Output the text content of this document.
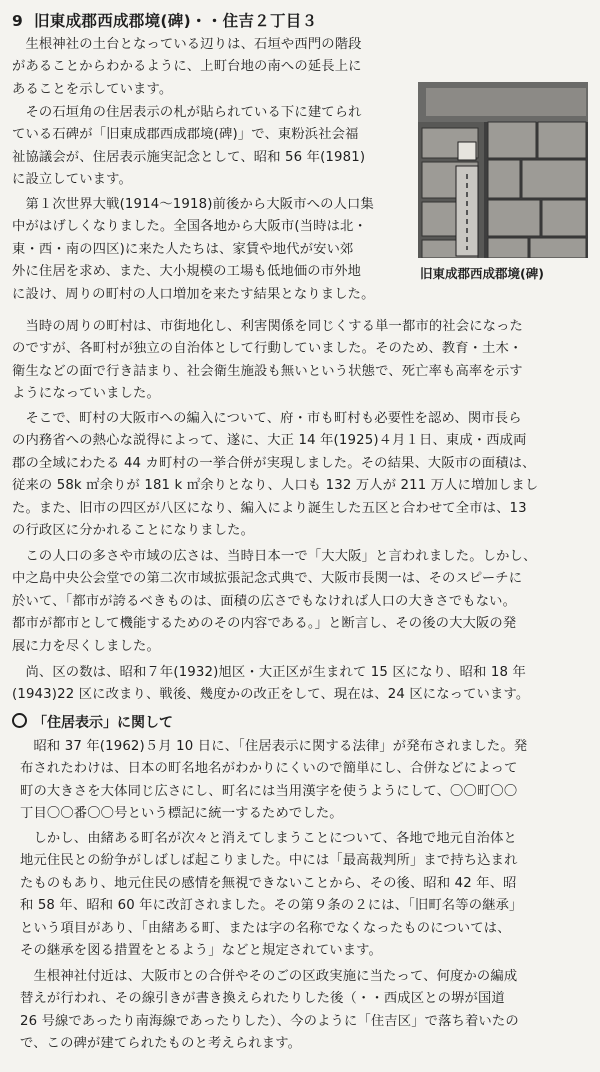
9 旧東成郡西成郡境(碑)・・住吉２丁目３
　生根神社の土台となっている辺りは、石垣や西門の階段
があることからわかるように、上町台地の南への延長上に
あることを示しています。
　その石垣角の住居表示の札が貼られている下に建てられ
ている石碑が「旧東成郡西成郡境(碑)」で、東粉浜社会福
祉協議会が、住居表示施実記念として、昭和 56 年(1981)
に設立しています。
　第１次世界大戦(1914～1918)前後から大阪市への人口集
中がはげしくなりました。全国各地から大阪市(当時は北・
東・西・南の四区)に来た人たちは、家賃や地代が安い郊
外に住居を求め、また、大小規模の工場も低地価の市外地
に設け、周りの町村の人口増加を来たす結果となりました。
旧東成郡西成郡境(碑)
　当時の周りの町村は、市街地化し、利害関係を同じくする単一都市的社会になった
のですが、各町村が独立の自治体として行動していました。そのため、教育・土木・
衛生などの面で行き詰まり、社会衛生施設も無いという状態で、死亡率も高率を示す
ようになっていました。
　そこで、町村の大阪市への編入について、府・市も町村も必要性を認め、関市長ら
の内務省への熱心な説得によって、遂に、大正 14 年(1925)４月１日、東成・西成両
郡の全域にわたる 44 カ町村の一挙合併が実現しました。その結果、大阪市の面積は、
従来の 58k ㎡余りが 181 k ㎡余りとなり、人口も 132 万人が 211 万人に増加しまし
た。また、旧市の四区が八区になり、編入により誕生した五区と合わせて全市は、13
の行政区に分かれることになりました。
　この人口の多さや市域の広さは、当時日本一で「大大阪」と言われました。しかし、
中之島中央公会堂での第二次市域拡張記念式典で、大阪市長関一は、そのスピーチに
於いて、「都市が誇るべきものは、面積の広さでもなければ人口の大きさでもない。
都市が都市として機能するためのその内容である。」と断言し、その後の大大阪の発
展に力を尽くしました。
　尚、区の数は、昭和７年(1932)旭区・大正区が生まれて 15 区になり、昭和 18 年
(1943)22 区に改まり、戦後、幾度かの改正をして、現在は、24 区になっています。
「住居表示」に関して
　昭和 37 年(1962)５月 10 日に、「住居表示に関する法律」が発布されました。発
布されたわけは、日本の町名地名がわかりにくいので簡単にし、合併などによって
町の大きさを大体同じ広さにし、町名には当用漢字を使うようにして、〇〇町〇〇
丁目〇〇番〇〇号という標記に統一するためでした。
　しかし、由緒ある町名が次々と消えてしまうことについて、各地で地元自治体と
地元住民との紛争がしばしば起こりました。中には「最高裁判所」まで持ち込まれ
たものもあり、地元住民の感情を無視できないことから、その後、昭和 42 年、昭
和 58 年、昭和 60 年に改訂されました。その第９条の２には、「旧町名等の継承」
という項目があり、「由緒ある町、または字の名称でなくなったものについては、
その継承を図る措置をとるよう」などと規定されています。
　生根神社付近は、大阪市との合併やそのごの区政実施に当たって、何度かの編成
替えが行われ、その線引きが書き換えられたりした後（・・西成区との堺が国道
26 号線であったり南海線であったりした）、今のように「住吉区」で落ち着いたの
で、この碑が建てられたものと考えられます。
